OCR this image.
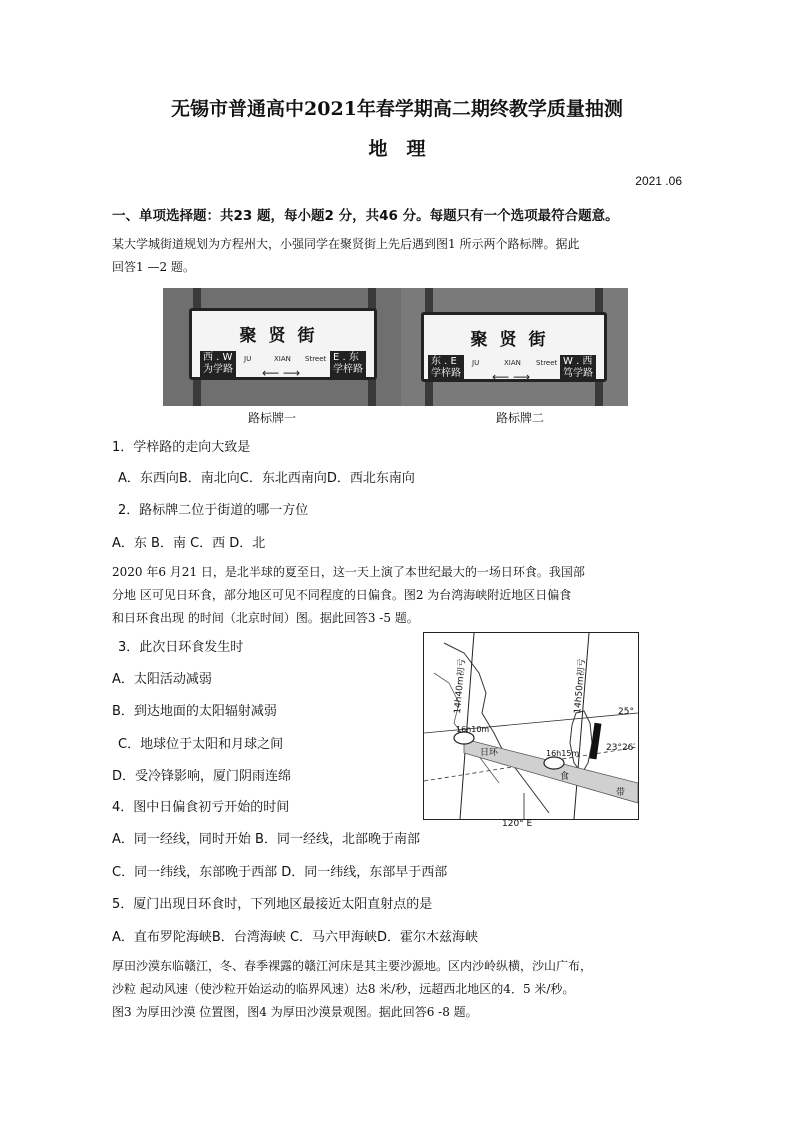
无锡市普通高中2021年春学期高二期终教学质量抽测
地　理
2021 .06
一、单项选择题：共23 题，每小题2 分，共46 分。每题只有一个选项最符合题意。
某大学城街道规划为方程州大，小强同学在聚贤街上先后遇到图1 所示两个路标牌。据此
回答1 —2 题。
聚贤街
西 . W
为学路
JU	XIAN Street E . 东
学梓路
⟵ ⟶
聚贤街
东 . E
学梓路
JU	XIAN Street W . 西
笃学路
⟵ ⟶
路标牌一	路标牌二
1．学梓路的走向大致是
A．东西向B．南北向C．东北西南向D．西北东南向
2．路标牌二位于街道的哪一方位
A．东 B．南 C．西 D．北
2020 年6 月21 日，是北半球的夏至日，这一天上演了本世纪最大的一场日环食。我国部
分地 区可见日环食，部分地区可见不同程度的日偏食。图2 为台湾海峡附近地区日偏食
和日环食出现 的时间（北京时间）图。据此回答3 -5 题。
3．此次日环食发生时
A．太阳活动减弱
B．到达地面的太阳辐射减弱
C．地球位于太阳和月球之间
D．受冷锋影响，厦门阴雨连绵
4．图中日偏食初亏开始的时间
A．同一经线，同时开始 B．同一经线，北部晚于南部
C．同一纬线，东部晚于西部 D．同一纬线，东部早于西部
5．厦门出现日环食时，下列地区最接近太阳直射点的是
A．直布罗陀海峡B．台湾海峡 C．马六甲海峡D．霍尔木兹海峡
14h40m初亏	14h50m初亏	25°
23°26′
16h10m
16h15m
日环
食
带
120° E
厚田沙漠东临赣江，冬、春季裸露的赣江河床是其主要沙源地。区内沙岭纵横，沙山广布，
沙粒 起动风速（使沙粒开始运动的临界风速）达8 米/秒，远超西北地区的4．5 米/秒。
图3 为厚田沙漠 位置图，图4 为厚田沙漠景观图。据此回答6 -8 题。
